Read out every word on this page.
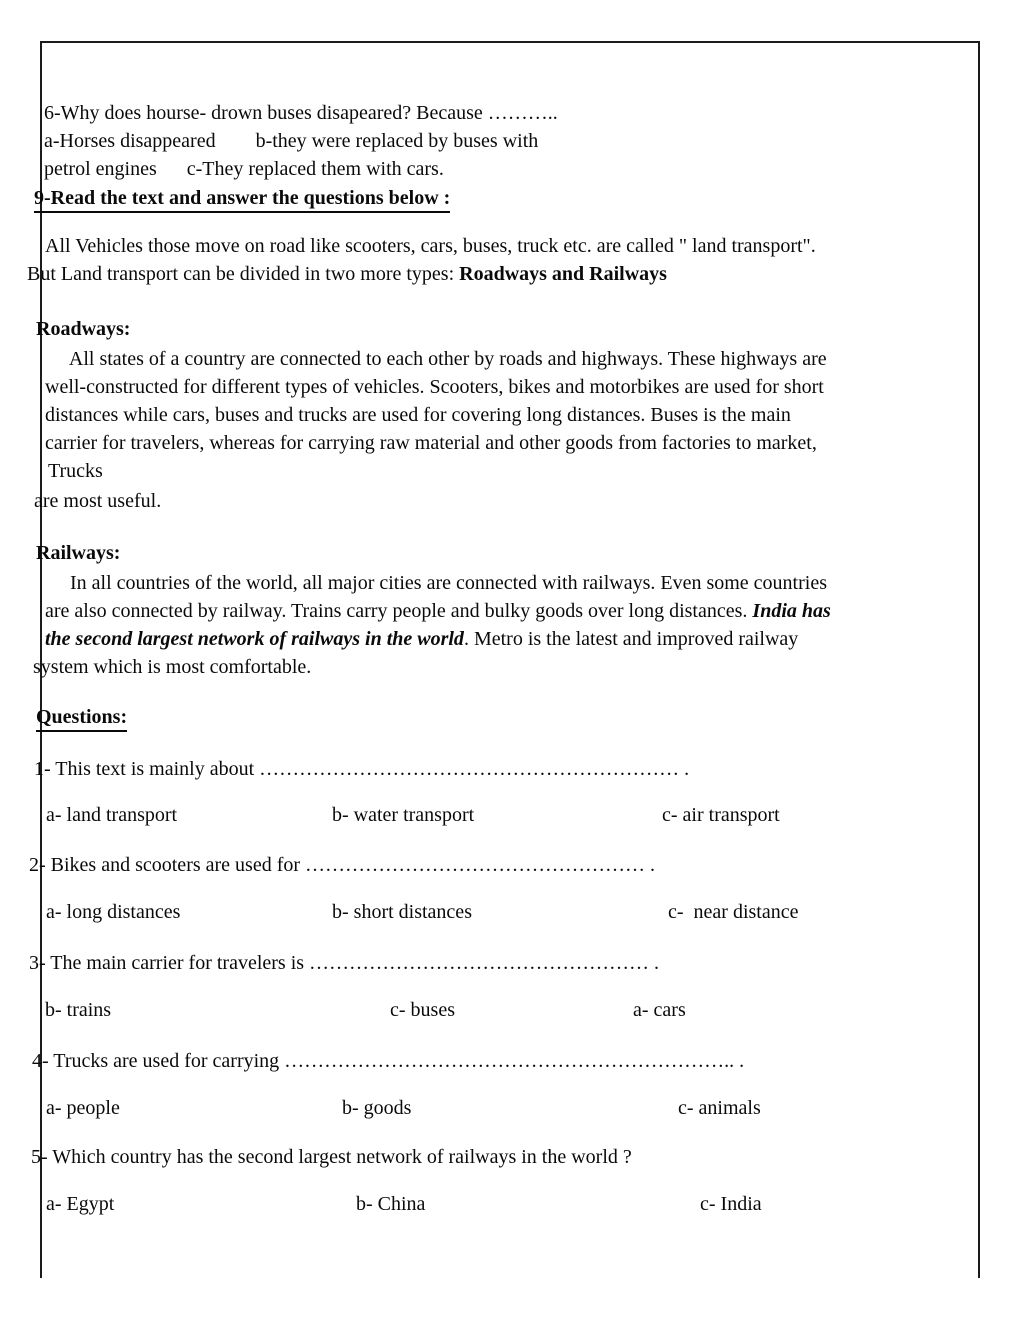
6-Why does hourse- drown buses disapeared? Because ………..
a-Horses disappeared        b-they were replaced by buses with
petrol engines      c-They replaced them with cars.
9-Read the text and answer the questions below :
All Vehicles those move on road like scooters, cars, buses, truck etc. are called " land transport".
But Land transport can be divided in two more types: Roadways and Railways
Roadways:
All states of a country are connected to each other by roads and highways. These highways are
well-constructed for different types of vehicles. Scooters, bikes and motorbikes are used for short
distances while cars, buses and trucks are used for covering long distances. Buses is the main
carrier for travelers, whereas for carrying raw material and other goods from factories to market,
Trucks
are most useful.
Railways:
In all countries of the world, all major cities are connected with railways. Even some countries
are also connected by railway. Trains carry people and bulky goods over long distances. India has
the second largest network of railways in the world. Metro is the latest and improved railway
system which is most comfortable.
Questions:
1- This text is mainly about ……………………………………………………… .
a- land transport	b- water transport	c- air transport
2- Bikes and scooters are used for …………………………………………… .
a- long distances	b- short distances	c-  near distance
3- The main carrier for travelers is …………………………………………… .
b- trains	c- buses	a- cars
4- Trucks are used for carrying ………………………………………………………….. .
a- people	b- goods	c- animals
5- Which country has the second largest network of railways in the world ?
a- Egypt	b- China	c- India
